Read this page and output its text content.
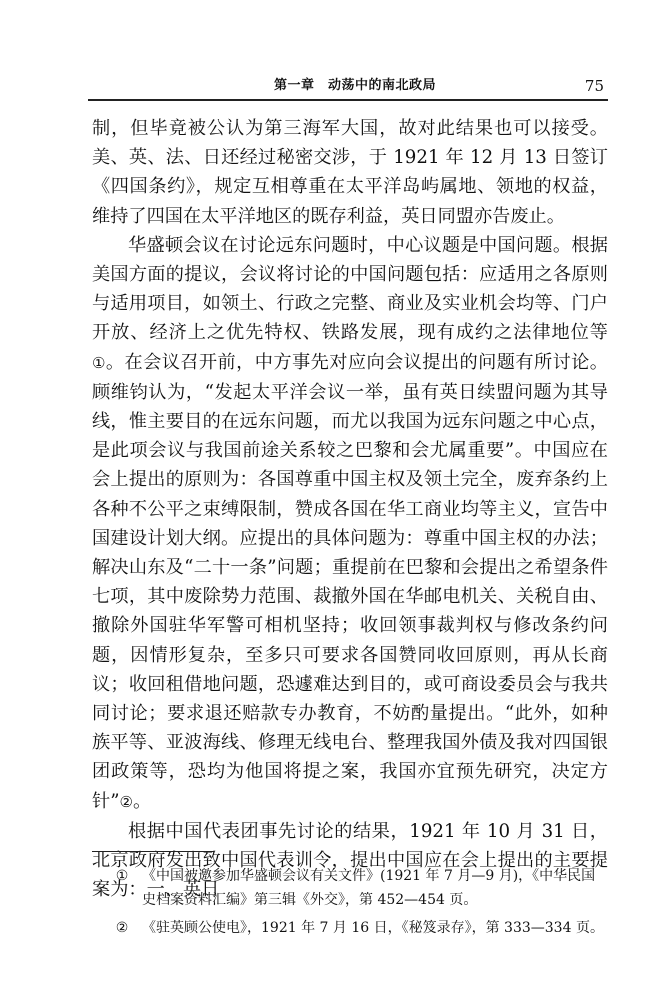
第一章　动荡中的南北政局	75

制，但毕竟被公认为第三海军大国，故对此结果也可以接受。美、英、法、日还经过秘密交涉，于 1921 年 12 月 13 日签订《四国条约》，规定互相尊重在太平洋岛屿属地、领地的权益，维持了四国在太平洋地区的既存利益，英日同盟亦告废止。

华盛顿会议在讨论远东问题时，中心议题是中国问题。根据美国方面的提议，会议将讨论的中国问题包括：应适用之各原则与适用项目，如领土、行政之完整、商业及实业机会均等、门户开放、经济上之优先特权、铁路发展，现有成约之法律地位等①。在会议召开前，中方事先对应向会议提出的问题有所讨论。顾维钧认为，“发起太平洋会议一举，虽有英日续盟问题为其导线，惟主要目的在远东问题，而尤以我国为远东问题之中心点，是此项会议与我国前途关系较之巴黎和会尤属重要”。中国应在会上提出的原则为：各国尊重中国主权及领土完全，废弃条约上各种不公平之束缚限制，赞成各国在华工商业均等主义，宣告中国建设计划大纲。应提出的具体问题为：尊重中国主权的办法；解决山东及“二十一条”问题；重提前在巴黎和会提出之希望条件七项，其中废除势力范围、裁撤外国在华邮电机关、关税自由、撤除外国驻华军警可相机坚持；收回领事裁判权与修改条约问题，因情形复杂，至多只可要求各国赞同收回原则，再从长商议；收回租借地问题，恐遽难达到目的，或可商设委员会与我共同讨论；要求退还赔款专办教育，不妨酌量提出。“此外，如种族平等、亚波海线、修理无线电台、整理我国外债及我对四国银团政策等，恐均为他国将提之案，我国亦宜预先研究，决定方针”②。

根据中国代表团事先讨论的结果，1921 年 10 月 31 日，北京政府发出致中国代表训令，提出中国应在会上提出的主要提案为：一、英日

① 《中国被邀参加华盛顿会议有关文件》(1921 年 7 月—9 月)，《中华民国史档案资料汇编》第三辑《外交》，第 452—454 页。
② 《驻英顾公使电》，1921 年 7 月 16 日，《秘笈录存》，第 333—334 页。
